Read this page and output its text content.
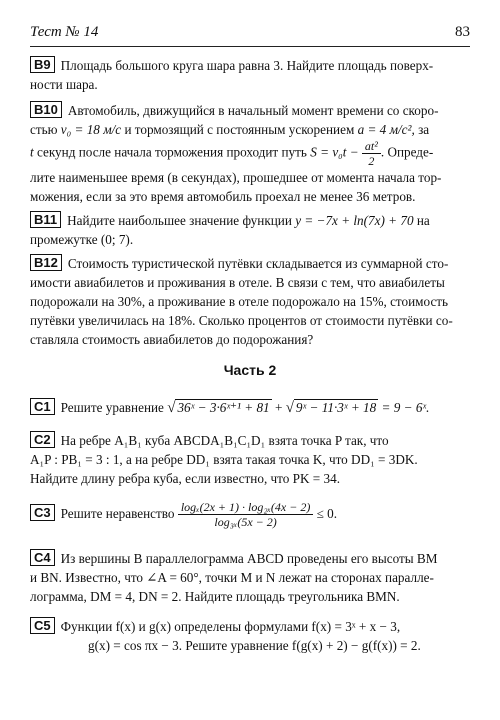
Тест № 14	83
B9 Площадь большого круга шара равна 3. Найдите площадь поверх-
ности шара.
B10 Автомобиль, движущийся в начальный момент времени со скоро-
стью v₀ = 18 м/с и тормозящий с постоянным ускорением a = 4 м/с², за
t секунд после начала торможения проходит путь $S = v_0t - \frac{\text{at²}}{2}$ . Опреде-
лите наименьшее время (в секундах), прошедшее от момента начала тор-
можения, если за это время автомобиль проехал не менее 36 метров.
B11 Найдите наибольшее значение функции y = −7x + ln(7x) + 70 на
промежутке (0; 7).
B12 Стоимость туристической путёвки складывается из суммарной сто-
имости авиабилетов и проживания в отеле. В связи с тем, что авиабилеты
подорожали на 30%, а проживание в отеле подорожало на 15%, стоимость
путёвки увеличилась на 18%. Сколько процентов от стоимости путёвки со-
ставляла стоимость авиабилетов до подорожания?
Часть 2
C1 Решите уравнение √ 36ˣ − 3·6ˣ⁺¹ + 81 + √ 9ˣ − 11·3ˣ + 18 = 9 − 6ˣ.
C2 На ребре A₁B₁ куба ABCDA₁B₁C₁D₁ взята точка P так, что
A₁P : PB₁ = 3 : 1, а на ребре DD₁ взята такая точка K, что DD₁ = 3DK.
Найдите длину ребра куба, если известно, что PK = 34.
C3 Решите неравенство $\frac{\text{logₓ(2x + 1) · log₂ₓ(4x − 2)}}{\text{log₃ₓ(5x − 2)}} \le 0$.
C4 Из вершины B параллелограмма ABCD проведены его высоты BM
и BN. Известно, что ∠A = 60°, точки M и N лежат на сторонах паралле-
лограмма, DM = 4, DN = 2. Найдите площадь треугольника BMN.
C5 Функции f(x) и g(x) определены формулами f(x) = 3ˣ + x − 3,
g(x) = cos πx − 3. Решите уравнение f(g(x) + 2) − g(f(x)) = 2.
